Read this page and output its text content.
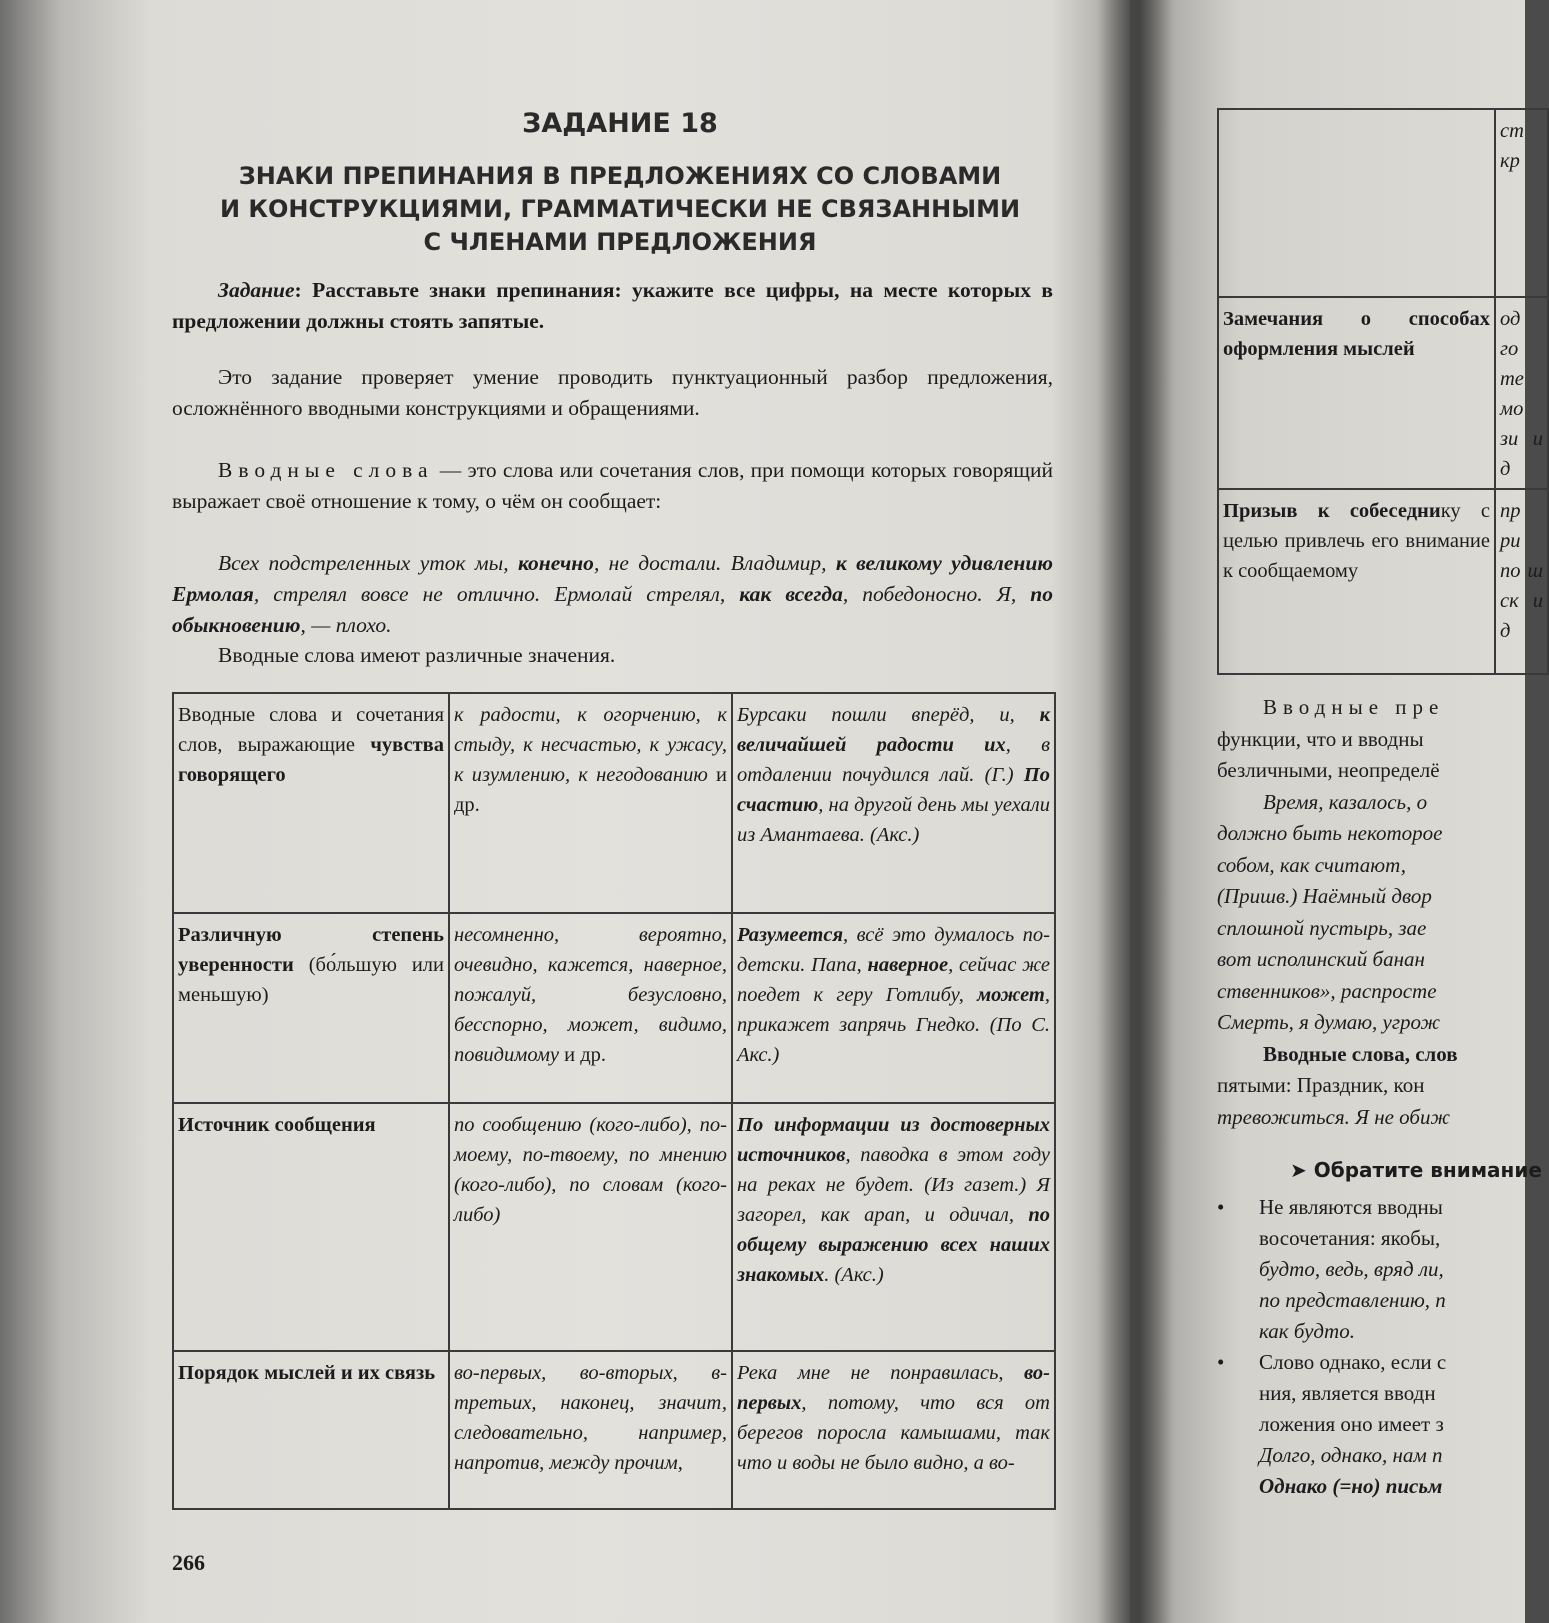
ЗАДАНИЕ 18
ЗНАКИ ПРЕПИНАНИЯ В ПРЕДЛОЖЕНИЯХ СО СЛОВАМИ
И КОНСТРУКЦИЯМИ, ГРАММАТИЧЕСКИ НЕ СВЯЗАННЫМИ
С ЧЛЕНАМИ ПРЕДЛОЖЕНИЯ

Задание: Расставьте знаки препинания: укажите все цифры, на месте которых в предложении должны стоять запятые.

Это задание проверяет умение проводить пунктуационный разбор предложения, осложнённого вводными конструкциями и обращениями.

Вводные слова — это слова или сочетания слов, при помощи которых говорящий выражает своё отношение к тому, о чём он сообщает:

Всех подстреленных уток мы, конечно, не достали. Владимир, к великому удивлению Ермолая, стрелял вовсе не отлично. Ермолай стрелял, как всегда, победоносно. Я, по обыкновению, — плохо.

Вводные слова имеют различные значения.

Вводные слова и сочетания слов, выражающие чувства говорящего	к радости, к огорчению, к стыду, к несчастью, к ужасу, к изумлению, к негодованию и др.	Бурсаки пошли вперёд, и, к величайшей радости их, в отдалении почудился лай. (Г.) По счастию, на другой день мы уехали из Амантаева. (Акс.)
Различную степень уверенности (бо́льшую или меньшую)	несомненно, вероятно, очевидно, кажется, наверное, пожалуй, безусловно, бесспорно, может, видимо, повидимому и др.	Разумеется, всё это думалось по-детски. Папа, наверное, сейчас же поедет к геру Готлибу, может, прикажет запрячь Гнедко. (По С. Акс.)
Источник сообщения	по сообщению (кого-либо), по-моему, по-твоему, по мнению (кого-либо), по словам (кого-либо)	По информации из достоверных источников, паводка в этом году на реках не будет. (Из газет.) Я загорел, как арап, и одичал, по общему выражению всех наших знакомых. (Акс.)
Порядок мыслей и их связь	во-первых, во-вторых, в-третьих, наконец, значит, следовательно, например, напротив, между прочим,	Река мне не понравилась, во-первых, потому, что вся от берегов поросла камышами, так что и воды не было видно, а во-
266
	ст кр
Замечания о способах оформления мыслей	од го те мо зи и д
Призыв к собеседнику с целью привлечь его внимание к сообщаемому	пр ри по ш ск и д
Вводные пре
функции, что и вводны
безличными, неопределё
Время, казалось, о
должно быть некоторое
собом, как считают,
(Пришв.) Наёмный двор
сплошной пустырь, зае
вот исполинский банан
ственников», распросте
Смерть, я думаю, угрож
Вводные слова, слов
пятыми: Праздник, кон
тревожиться. Я не обиж
➤ Обратите внимание
• Не являются вводны
восочетания: якобы,
будто, ведь, вряд ли,
по представлению, п
как будто.
• Слово однако, если с
ния, является вводн
ложения оно имеет з
Долго, однако, нам п
Однако (=но) письм
